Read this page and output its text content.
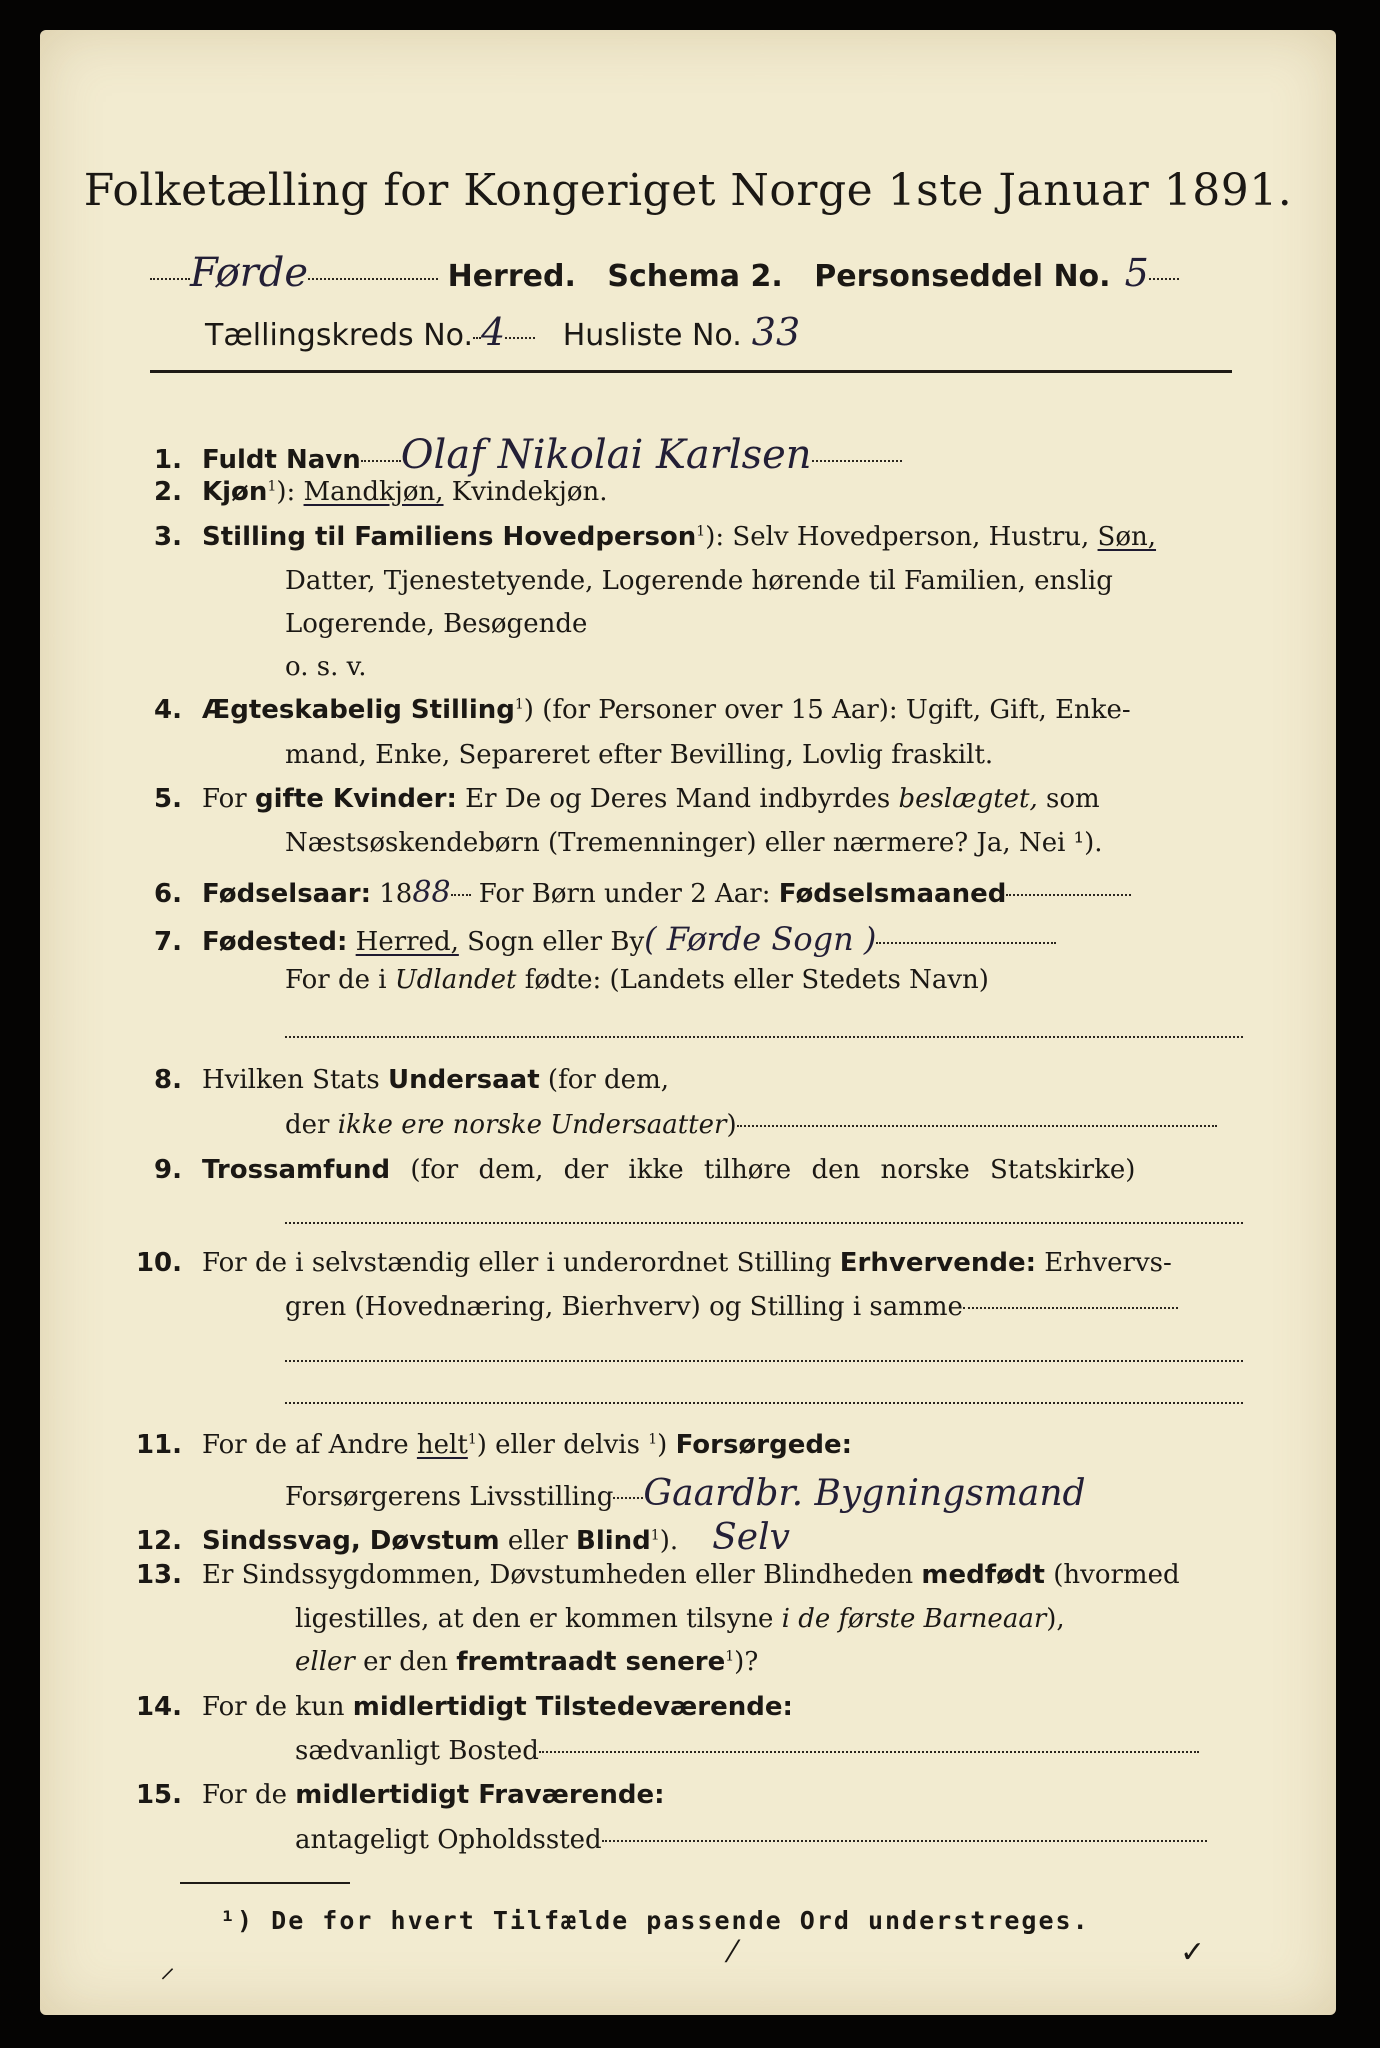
Folketælling for Kongeriget Norge 1ste Januar 1891.
Førde	Herred. Schema 2. Personseddel No. 5
Tællingskreds No. 4 Husliste No. 33
1. Fuldt Navn Olaf Nikolai Karlsen
2. Kjøn$^1$): Mandkjøn, Kvindekjøn.
3. Stilling til Familiens Hovedperson$^1$): Selv Hovedperson, Hustru, Søn,
Datter, Tjenestetyende, Logerende hørende til Familien, enslig
Logerende, Besøgende
o. s. v.
4. Ægteskabelig Stilling$^1$) (for Personer over 15 Aar): Ugift, Gift, Enke-
mand, Enke, Separeret efter Bevilling, Lovlig fraskilt.
5. For gifte Kvinder: Er De og Deres Mand indbyrdes beslægtet, som
Næstsøskendebørn (Tremenninger) eller nærmere? Ja, Nei ¹).
6. Fødselsaar: 1888 For Børn under 2 Aar: Fødselsmaaned
7. Fødested: Herred, Sogn eller By( Førde Sogn )
For de i Udlandet fødte: (Landets eller Stedets Navn)
8. Hvilken Stats Undersaat (for dem,
der ikke ere norske Undersaatter)
9. Trossamfund (for dem, der ikke tilhøre den norske Statskirke)
10. For de i selvstændig eller i underordnet Stilling Erhvervende: Erhvervs-
gren (Hovednæring, Bierhverv) og Stilling i samme
11. For de af Andre helt$^1$) eller delvis $^1$) Forsørgede:
Forsørgerens Livsstilling Gaardbr. Bygningsmand
12. Sindssvag, Døvstum eller Blind$^1$). Selv
13. Er Sindssygdommen, Døvstumheden eller Blindheden medfødt (hvormed
ligestilles, at den er kommen tilsyne i de første Barneaar),
eller er den fremtraadt senere$^1$)?
14. For de kun midlertidigt Tilstedeværende:
sædvanligt Bosted
15. For de midlertidigt Fraværende:
antageligt Opholdssted
¹) De for hvert Tilfælde passende Ord understreges.
⸝	⁄	✓
